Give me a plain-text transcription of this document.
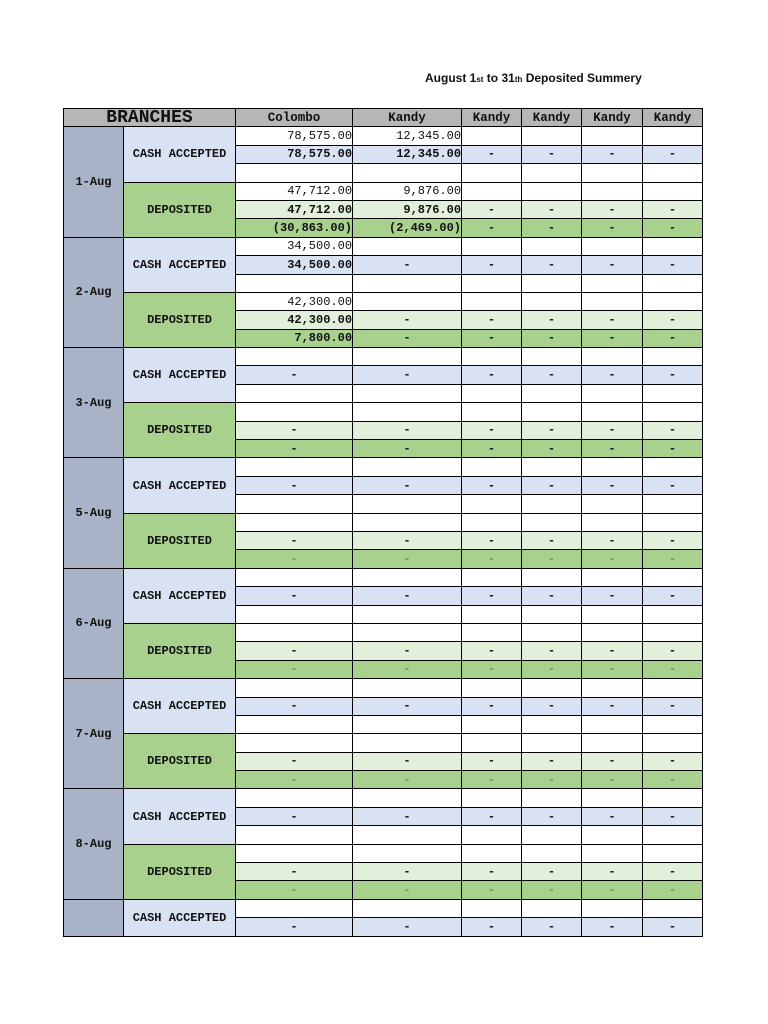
August 1st to 31th Deposited Summery
BRANCHES		Colombo	Kandy	Kandy	Kandy	Kandy	Kandy
1-Aug	CASH ACCEPTED	78,575.00	12,345.00				
		78,575.00	12,345.00	-	-	-	-

	DEPOSITED	47,712.00	9,876.00				
		47,712.00	9,876.00	-	-	-	-
		(30,863.00)	(2,469.00)	-	-	-	-
2-Aug	CASH ACCEPTED	34,500.00					
		34,500.00	-	-	-	-	-

	DEPOSITED	42,300.00					
		42,300.00	-	-	-	-	-
		7,800.00	-	-	-	-	-
3-Aug	CASH ACCEPTED						
		-	-	-	-	-	-

	DEPOSITED						
		-	-	-	-	-	-
		-	-	-	-	-	-
5-Aug	CASH ACCEPTED						
		-	-	-	-	-	-

	DEPOSITED						
		-	-	-	-	-	-
		-	-	-	-	-	-
6-Aug	CASH ACCEPTED						
		-	-	-	-	-	-

	DEPOSITED						
		-	-	-	-	-	-
		-	-	-	-	-	-
7-Aug	CASH ACCEPTED						
		-	-	-	-	-	-

	DEPOSITED						
		-	-	-	-	-	-
		-	-	-	-	-	-
8-Aug	CASH ACCEPTED						
		-	-	-	-	-	-

	DEPOSITED						
		-	-	-	-	-	-
		-	-	-	-	-	-
	CASH ACCEPTED						
		-	-	-	-	-	-
